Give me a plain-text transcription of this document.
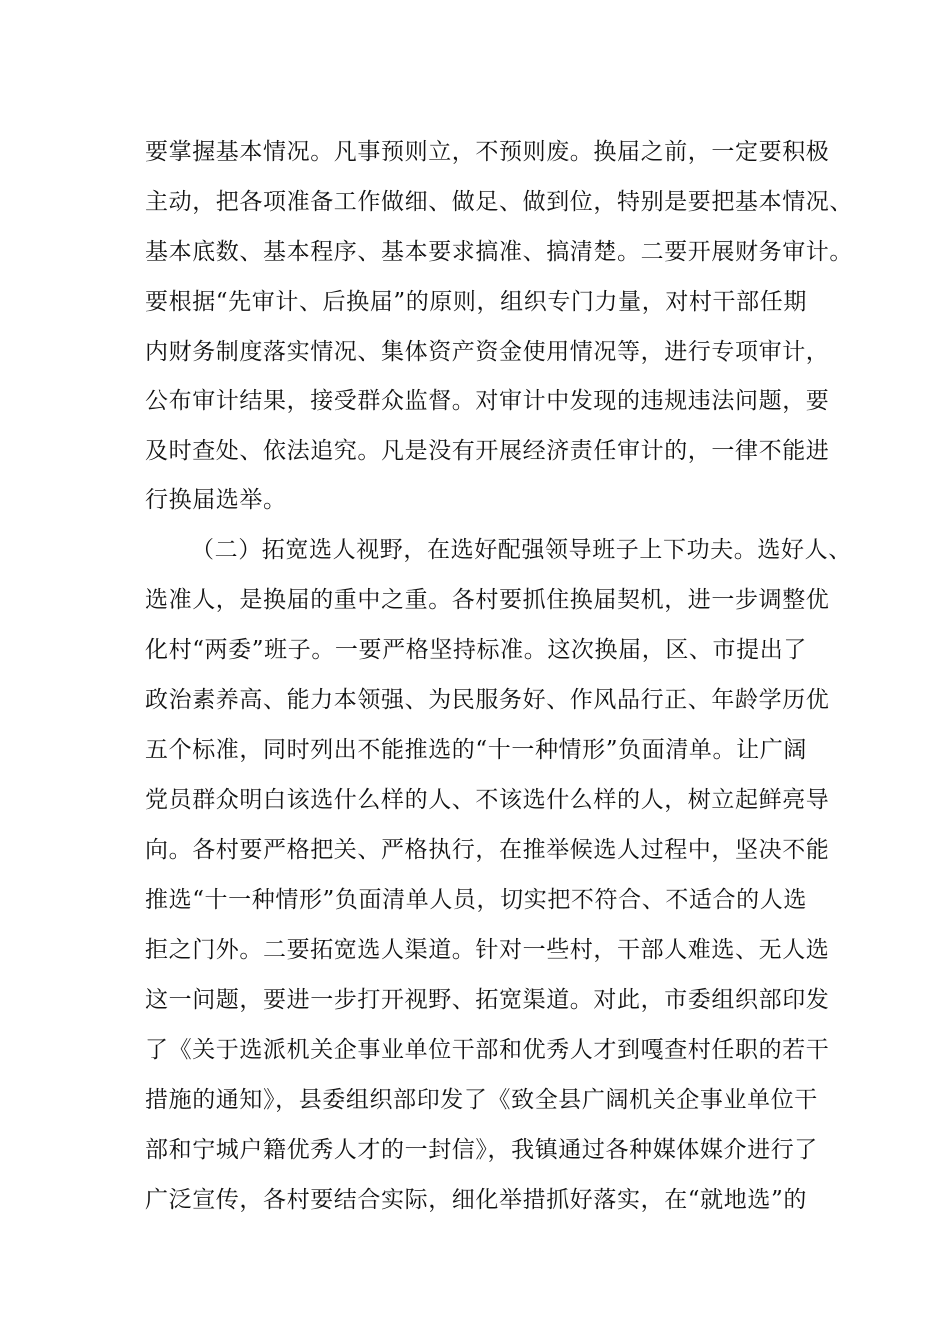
要掌握基本情况。凡事预则立，不预则废。换届之前，一定要积极
主动，把各项准备工作做细、做足、做到位，特别是要把基本情况、
基本底数、基本程序、基本要求搞准、搞清楚。二要开展财务审计。
要根据“先审计、后换届”的原则，组织专门力量，对村干部任期
内财务制度落实情况、集体资产资金使用情况等，进行专项审计，
公布审计结果，接受群众监督。对审计中发现的违规违法问题，要
及时查处、依法追究。凡是没有开展经济责任审计的，一律不能进
行换届选举。
（二）拓宽选人视野，在选好配强领导班子上下功夫。选好人、
选准人，是换届的重中之重。各村要抓住换届契机，进一步调整优
化村“两委”班子。一要严格坚持标准。这次换届，区、市提出了
政治素养高、能力本领强、为民服务好、作风品行正、年龄学历优
五个标准，同时列出不能推选的“十一种情形”负面清单。让广阔
党员群众明白该选什么样的人、不该选什么样的人，树立起鲜亮导
向。各村要严格把关、严格执行，在推举候选人过程中，坚决不能
推选“十一种情形”负面清单人员，切实把不符合、不适合的人选
拒之门外。二要拓宽选人渠道。针对一些村，干部人难选、无人选
这一问题，要进一步打开视野、拓宽渠道。对此，市委组织部印发
了《关于选派机关企事业单位干部和优秀人才到嘎查村任职的若干
措施的通知》，县委组织部印发了《致全县广阔机关企事业单位干
部和宁城户籍优秀人才的一封信》，我镇通过各种媒体媒介进行了
广泛宣传，各村要结合实际，细化举措抓好落实，在“就地选”的
